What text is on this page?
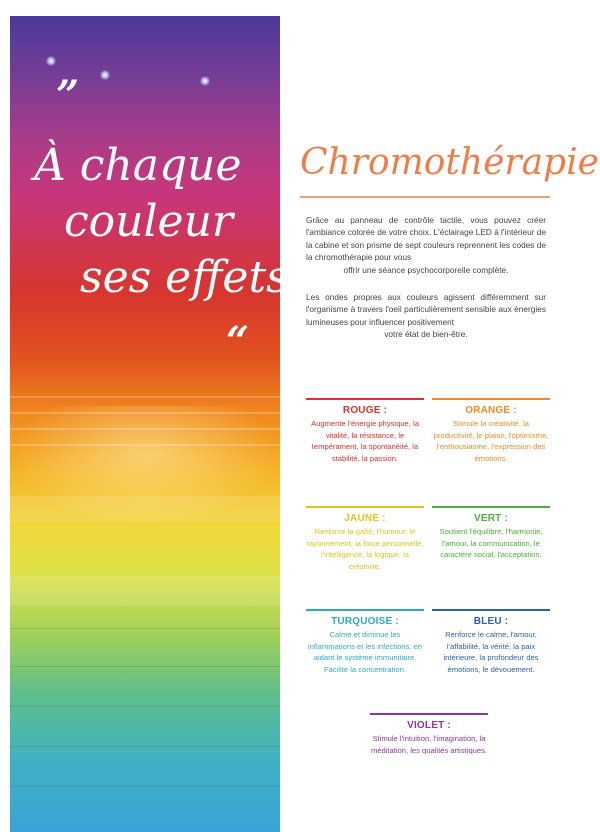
”
À chaque
couleur
ses effets...
“
Chromothérapie
Grâce au panneau de contrôle tactile, vous pouvez créer l'ambiance colorée de votre choix. L'éclairage LED à l'intérieur de la cabine et son prisme de sept couleurs reprennent les codes de la chromothérapie pour vous
offrir une séance psychocorporelle complète.
Les ondes propres aux couleurs agissent différemment sur l'organisme à travers l'oeil particulièrement sensible aux énergies lumineuses pour influencer positivement
votre état de bien-être.
ROUGE :
Augmente l'énergie physique, la vitalité, la résistance, le tempérament, la spontanéité, la stabilité, la passion.
ORANGE :
Stimule la créativité, la productivité, le plaisir, l'optimisme, l'enthousiasme, l'expression des émotions.
JAUNE :
Renforce la gaîté, l'humour, le rayonnement, la force personnelle, l'intelligence, la logique, la créativité.
VERT :
Soutient l'équilibre, l'harmonie, l'amour, la communication, le caractère social, l'acceptation.
TURQUOISE :
Calme et diminue les inflammations et les infections, en aidant le système immunitaire. Facilite la concentration.
BLEU :
Renforce le calme, l'amour, l'affabilité, la vérité, la paix intérieure, la profondeur des émotions, le dévouement.
VIOLET :
Stimule l'intuition, l'imagination, la méditation, les qualités artistiques.
